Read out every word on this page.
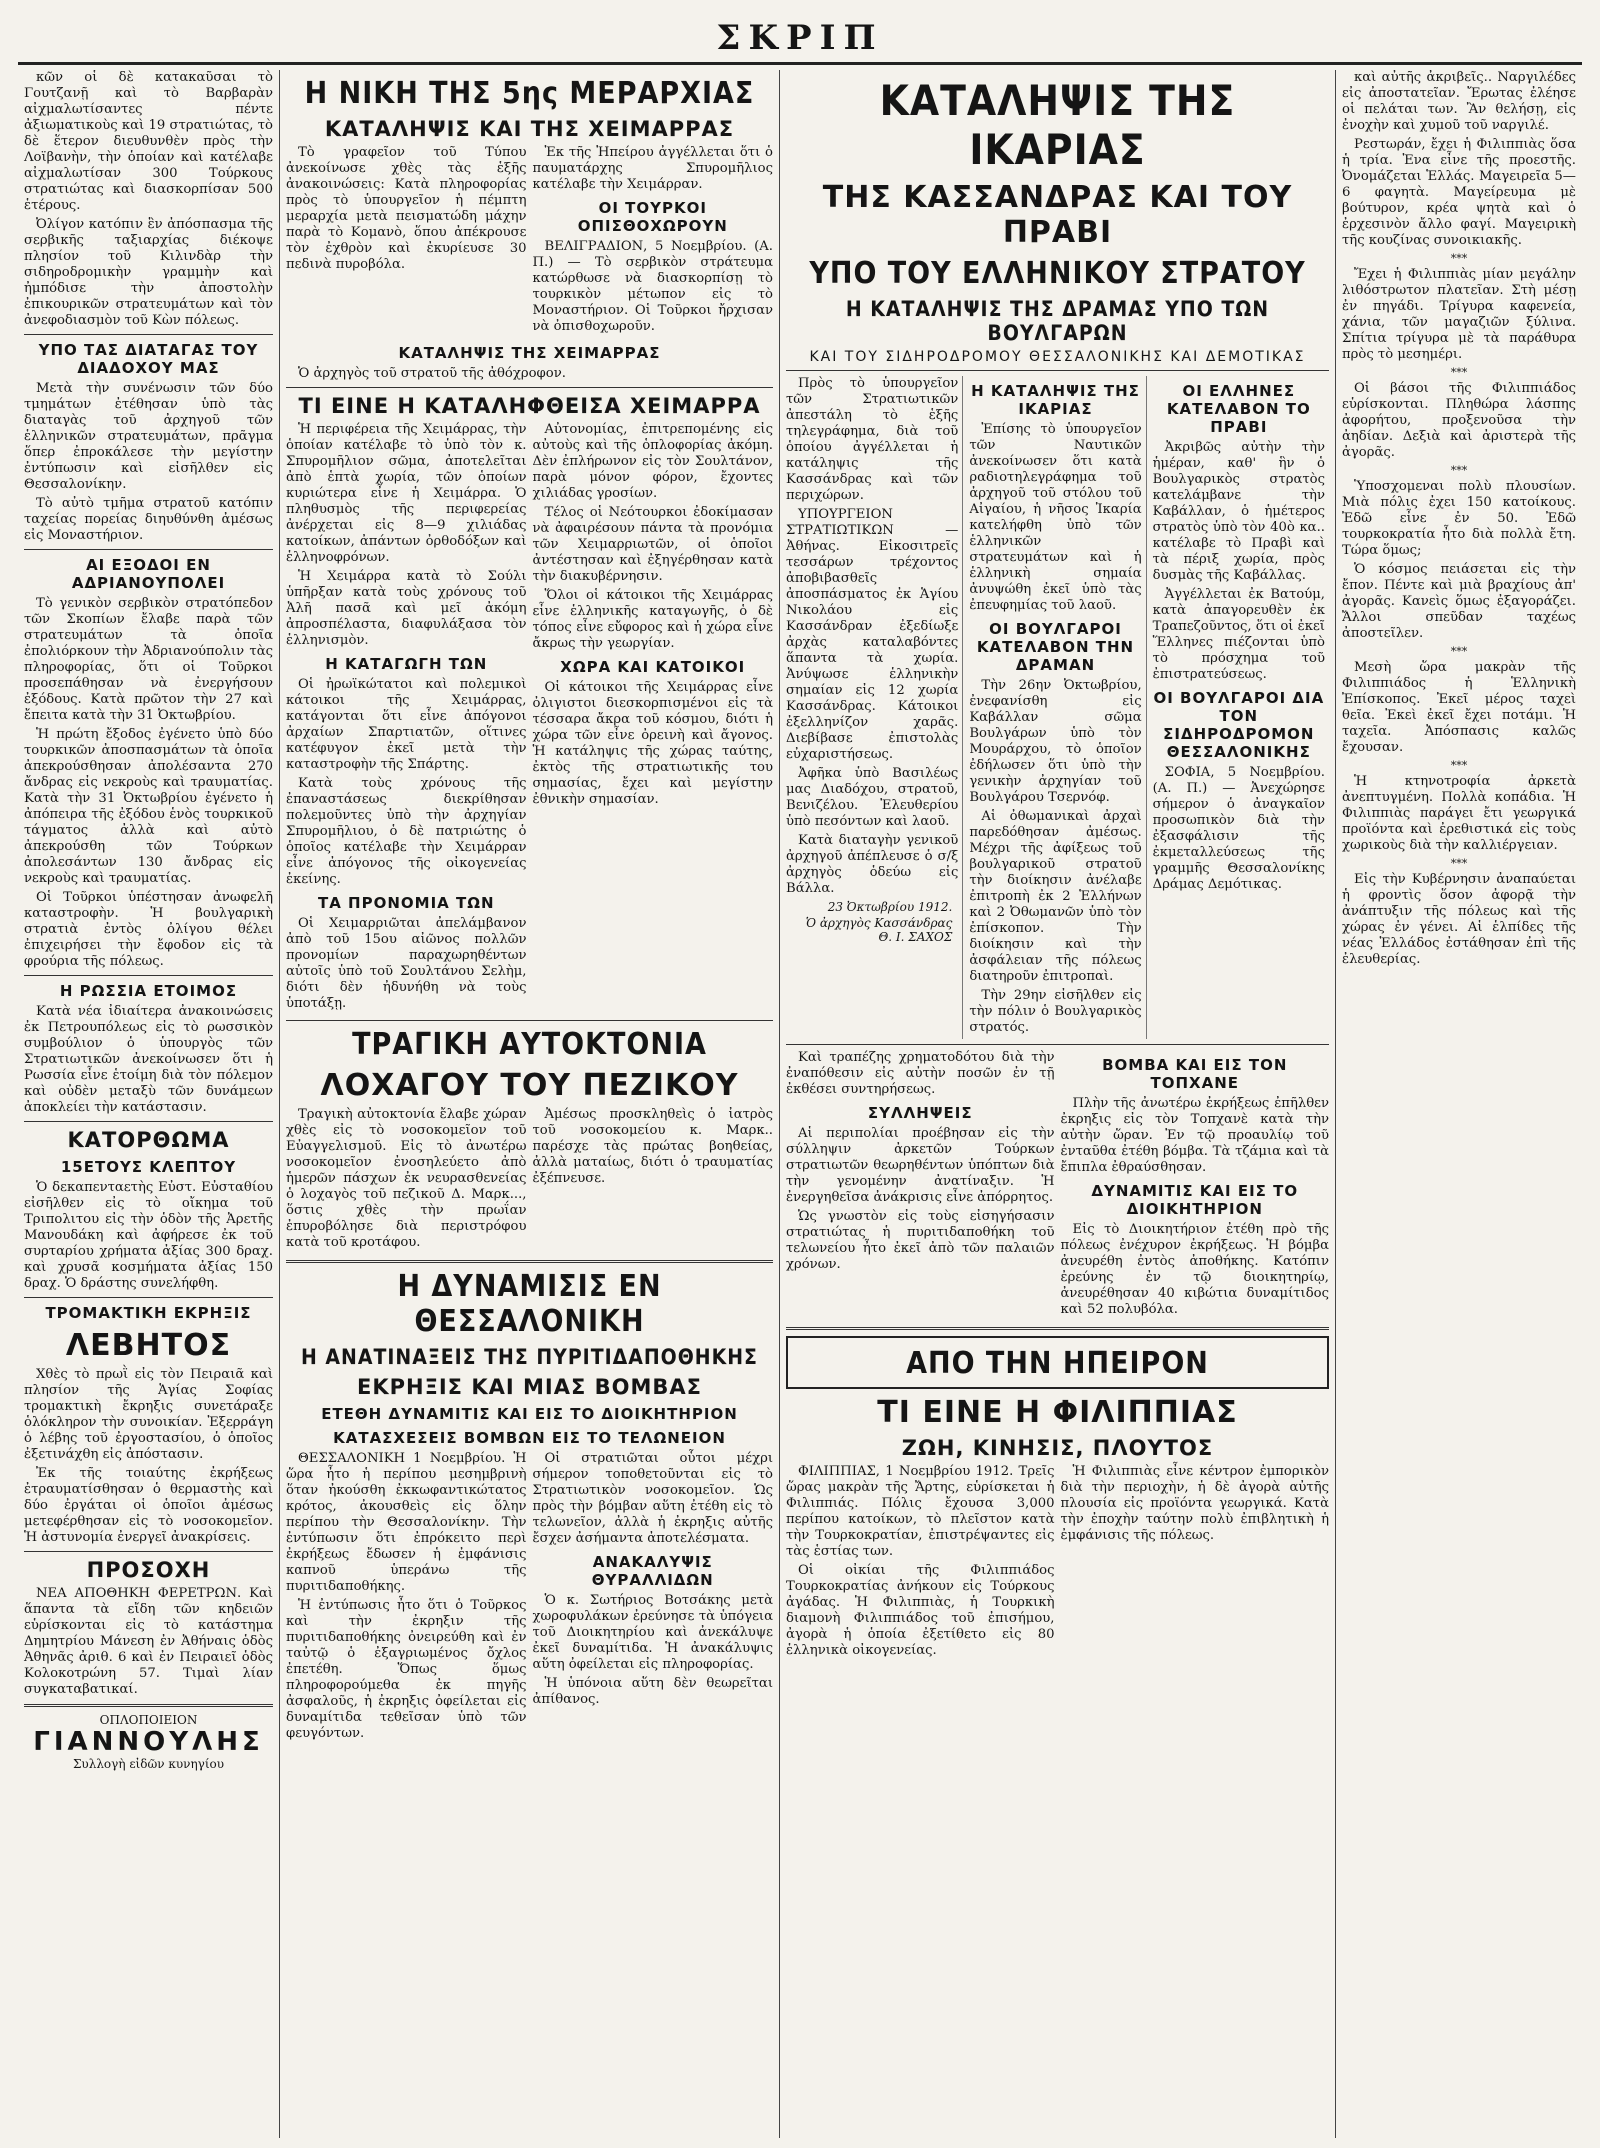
ΣΚΡΙΠ

κῶν οἱ δὲ κατακαῦσαι τὸ Γουτζανῇ καὶ τὸ Βαρβαρὰν αἰχμαλωτίσαντες πέντε ἀξιωματικοὺς καὶ 19 στρατιώτας, τὸ δὲ ἕτερον διευθυνθὲν πρὸς τὴν Λοϊβανὴν, τὴν ὁποίαν καὶ κατέλαβε αἰχμαλωτίσαν 300 Τούρκους στρατιώτας καὶ διασκορπίσαν 500 ἑτέρους.

Ὀλίγον κατόπιν ἓν ἀπόσπασμα τῆς σερβικῆς ταξιαρχίας διέκοψε πλησίον τοῦ Κιλινδὰρ τὴν σιδηροδρομικὴν γραμμὴν καὶ ἠμπόδισε τὴν ἀποστολὴν ἐπικουρικῶν στρατευμάτων καὶ τὸν ἀνεφοδιασμὸν τοῦ Κὼν πόλεως.

ΥΠΟ ΤΑΣ ΔΙΑΤΑΓΑΣ ΤΟΥ ΔΙΑΔΟΧΟΥ ΜΑΣ

Μετὰ τὴν συνένωσιν τῶν δύο τμημάτων ἐτέθησαν ὑπὸ τὰς διαταγὰς τοῦ ἀρχηγοῦ τῶν ἑλληνικῶν στρατευμάτων, πρᾶγμα ὅπερ ἐπροκάλεσε τὴν μεγίστην ἐντύπωσιν καὶ εἰσῆλθεν εἰς Θεσσαλονίκην.

Τὸ αὐτὸ τμῆμα στρατοῦ κατόπιν ταχείας πορείας διηυθύνθη ἀμέσως εἰς Μοναστήριον.

ΑΙ ΕΞΟΔΟΙ ΕΝ ΑΔΡΙΑΝΟΥΠΟΛΕΙ

Τὸ γενικὸν σερβικὸν στρατόπεδον τῶν Σκοπίων ἔλαβε παρὰ τῶν στρατευμάτων τὰ ὁποῖα ἐπολιόρκουν τὴν Ἀδριανούπολιν τὰς πληροφορίας, ὅτι οἱ Τοῦρκοι προσεπάθησαν νὰ ἐνεργήσουν ἐξόδους. Κατὰ πρῶτον τὴν 27 καὶ ἔπειτα κατὰ τὴν 31 Ὀκτωβρίου.

Ἡ πρώτη ἔξοδος ἐγένετο ὑπὸ δύο τουρκικῶν ἀποσπασμάτων τὰ ὁποῖα ἀπεκρούσθησαν ἀπολέσαντα 270 ἄνδρας εἰς νεκροὺς καὶ τραυματίας. Κατὰ τὴν 31 Ὀκτωβρίου ἐγένετο ἡ ἀπόπειρα τῆς ἐξόδου ἑνὸς τουρκικοῦ τάγματος ἀλλὰ καὶ αὐτὸ ἀπεκρούσθη τῶν Τούρκων ἀπολεσάντων 130 ἄνδρας εἰς νεκροὺς καὶ τραυματίας.

Οἱ Τοῦρκοι ὑπέστησαν ἀνωφελῆ καταστροφὴν. Ἡ βουλγαρικὴ στρατιὰ ἐντὸς ὀλίγου θέλει ἐπιχειρήσει τὴν ἔφοδον εἰς τὰ φρούρια τῆς πόλεως.

Η ΡΩΣΣΙΑ ΕΤΟΙΜΟΣ

Κατὰ νέα ἰδιαίτερα ἀνακοινώσεις ἐκ Πετρουπόλεως εἰς τὸ ρωσσικὸν συμβούλιον ὁ ὑπουργὸς τῶν Στρατιωτικῶν ἀνεκοίνωσεν ὅτι ἡ Ρωσσία εἶνε ἑτοίμη διὰ τὸν πόλεμον καὶ οὐδὲν μεταξὺ τῶν δυνάμεων ἀποκλείει τὴν κατάστασιν.

ΚΑΤΟΡΘΩΜΑ
15ΕΤΟΥΣ ΚΛΕΠΤΟΥ

Ὁ δεκαπενταετὴς Εὐστ. Εὐσταθίου εἰσῆλθεν εἰς τὸ οἴκημα τοῦ Τριπολιτου εἰς τὴν ὁδὸν τῆς Ἀρετῆς Μανουδάκη καὶ ἀφήρεσε ἐκ τοῦ συρταρίου χρήματα ἀξίας 300 δραχ. καὶ χρυσᾶ κοσμήματα ἀξίας 150 δραχ. Ὁ δράστης συνελήφθη.

ΤΡΟΜΑΚΤΙΚΗ ΕΚΡΗΞΙΣ
ΛΕΒΗΤΟΣ

Χθὲς τὸ πρωῒ εἰς τὸν Πειραιᾶ καὶ πλησίον τῆς Ἁγίας Σοφίας τρομακτικὴ ἔκρηξις συνετάραξε ὁλόκληρον τὴν συνοικίαν. Ἐξερράγη ὁ λέβης τοῦ ἐργοστασίου, ὁ ὁποῖος ἐξετινάχθη εἰς ἀπόστασιν.

Ἐκ τῆς τοιαύτης ἐκρήξεως ἐτραυματίσθησαν ὁ θερμαστὴς καὶ δύο ἐργάται οἱ ὁποῖοι ἀμέσως μετεφέρθησαν εἰς τὸ νοσοκομεῖον. Ἡ ἀστυνομία ἐνεργεῖ ἀνακρίσεις.

ΠΡΟΣΟΧΗ

ΝΕΑ ΑΠΟΘΗΚΗ ΦΕΡΕΤΡΩΝ. Καὶ ἅπαντα τὰ εἴδη τῶν κηδειῶν εὑρίσκονται εἰς τὸ κατάστημα Δημητρίου Μάνεση ἐν Ἀθήναις ὁδὸς Ἀθηνᾶς ἀριθ. 6 καὶ ἐν Πειραιεῖ ὁδὸς Κολοκοτρώνη 57. Τιμαὶ λίαν συγκαταβατικαί.

ΟΠΛΟΠΟΙΕΙΟΝ
ΓΙΑΝΝΟΥΛΗΣ
Συλλογὴ εἰδῶν κυνηγίου
Η ΝΙΚΗ ΤΗΣ 5ης ΜΕΡΑΡΧΙΑΣ
ΚΑΤΑΛΗΨΙΣ ΚΑΙ ΤΗΣ ΧΕΙΜΑΡΡΑΣ

Τὸ γραφεῖον τοῦ Τύπου ἀνεκοίνωσε χθὲς τὰς ἑξῆς ἀνακοινώσεις: Κατὰ πληροφορίας πρὸς τὸ ὑπουργεῖον ἡ πέμπτη μεραρχία μετὰ πεισματώδη μάχην παρὰ τὸ Κομανὸ, ὅπου ἀπέκρουσε τὸν ἐχθρὸν καὶ ἐκυρίευσε 30 πεδινὰ πυροβόλα.

Ἐκ τῆς Ἠπείρου ἀγγέλλεται ὅτι ὁ παυματάρχης Σπυρομῆλιος κατέλαβε τὴν Χειμάρραν.

ΟΙ ΤΟΥΡΚΟΙ ΟΠΙΣΘΟΧΩΡΟΥΝ

ΒΕΛΙΓΡΑΔΙΟΝ, 5 Νοεμβρίου. (Α. Π.) — Τὸ σερβικὸν στράτευμα κατώρθωσε νὰ διασκορπίσῃ τὸ τουρκικὸν μέτωπον εἰς τὸ Μοναστήριον. Οἱ Τοῦρκοι ἤρχισαν νὰ ὀπισθοχωροῦν.

ΚΑΤΑΛΗΨΙΣ ΤΗΣ ΧΕΙΜΑΡΡΑΣ

Ὁ ἀρχηγὸς τοῦ στρατοῦ τῆς ἀθόχροφον.

ΤΙ ΕΙΝΕ Η ΚΑΤΑΛΗΦΘΕΙΣΑ ΧΕΙΜΑΡΡΑ

Ἡ περιφέρεια τῆς Χειμάρρας, τὴν ὁποίαν κατέλαβε τὸ ὑπὸ τὸν κ. Σπυρομῆλιον σῶμα, ἀποτελεῖται ἀπὸ ἑπτὰ χωρία, τῶν ὁποίων κυριώτερα εἶνε ἡ Χειμάρρα. Ὁ πληθυσμὸς τῆς περιφερείας ἀνέρχεται εἰς 8—9 χιλιάδας κατοίκων, ἀπάντων ὀρθοδόξων καὶ ἑλληνοφρόνων.

Ἡ Χειμάρρα κατὰ τὸ Σούλι ὑπῆρξαν κατὰ τοὺς χρόνους τοῦ Ἀλῆ πασᾶ καὶ μεῖ ἀκόμη ἀπροσπέλαστα, διαφυλάξασα τὸν ἑλληνισμὸν.

Η ΚΑΤΑΓΩΓΗ ΤΩΝ

Οἱ ἠρωϊκώτατοι καὶ πολεμικοὶ κάτοικοι τῆς Χειμάρρας, κατάγονται ὅτι εἶνε ἀπόγονοι ἀρχαίων Σπαρτιατῶν, οἵτινες κατέφυγον ἐκεῖ μετὰ τὴν καταστροφὴν τῆς Σπάρτης.

Κατὰ τοὺς χρόνους τῆς ἐπαναστάσεως διεκρίθησαν πολεμοῦντες ὑπὸ τὴν ἀρχηγίαν Σπυρομῆλιου, ὁ δὲ πατριώτης ὁ ὁποῖος κατέλαβε τὴν Χειμάρραν εἶνε ἀπόγονος τῆς οἰκογενείας ἐκείνης.

ΤΑ ΠΡΟΝΟΜΙΑ ΤΩΝ

Οἱ Χειμαρριῶται ἀπελάμβανον ἀπὸ τοῦ 15ου αἰῶνος πολλῶν προνομίων παραχωρηθέντων αὐτοῖς ὑπὸ τοῦ Σουλτάνου Σελὴμ, διότι δὲν ἠδυνήθη νὰ τοὺς ὑποτάξῃ.

Αὐτονομίας, ἐπιτρεπομένης εἰς αὐτοὺς καὶ τῆς ὁπλοφορίας ἀκόμη. Δὲν ἐπλήρωνον εἰς τὸν Σουλτάνον, παρὰ μόνον φόρον, ἔχοντες χιλιάδας γροσίων.

Τέλος οἱ Νεότουρκοι ἐδοκίμασαν νὰ ἀφαιρέσουν πάντα τὰ προνόμια τῶν Χειμαρριωτῶν, οἱ ὁποῖοι ἀντέστησαν καὶ ἐξηγέρθησαν κατὰ τὴν διακυβέρνησιν.

Ὅλοι οἱ κάτοικοι τῆς Χειμάρρας εἶνε ἑλληνικῆς καταγωγῆς, ὁ δὲ τόπος εἶνε εὔφορος καὶ ἡ χώρα εἶνε ἄκρως τὴν γεωργίαν.

ΧΩΡΑ ΚΑΙ ΚΑΤΟΙΚΟΙ

Οἱ κάτοικοι τῆς Χειμάρρας εἶνε ὀλιγιστοι διεσκορπισμένοι εἰς τὰ τέσσαρα ἄκρα τοῦ κόσμου, διότι ἡ χώρα τῶν εἶνε ὀρεινὴ καὶ ἄγονος. Ἡ κατάληψις τῆς χώρας ταύτης, ἐκτὸς τῆς στρατιωτικῆς του σημασίας, ἔχει καὶ μεγίστην ἐθνικὴν σημασίαν.

ΤΡΑΓΙΚΗ ΑΥΤΟΚΤΟΝΙΑ
ΛΟΧΑΓΟΥ ΤΟΥ ΠΕΖΙΚΟΥ

Τραγικὴ αὐτοκτονία ἔλαβε χώραν χθὲς εἰς τὸ νοσοκομεῖον τοῦ Εὐαγγελισμοῦ. Εἰς τὸ ἀνωτέρω νοσοκομεῖον ἐνοσηλεύετο ἀπὸ ἡμερῶν πάσχων ἐκ νευρασθενείας ὁ λοχαγὸς τοῦ πεζικοῦ Δ. Μαρκ..., ὅστις χθὲς τὴν πρωΐαν ἐπυροβόλησε διὰ περιστρόφου κατὰ τοῦ κροτάφου.

Ἀμέσως προσκληθεὶς ὁ ἰατρὸς τοῦ νοσοκομείου κ. Μαρκ.. παρέσχε τὰς πρώτας βοηθείας, ἀλλὰ ματαίως, διότι ὁ τραυματίας ἐξέπνευσε.

Η ΔΥΝΑΜΙΣΙΣ ΕΝ ΘΕΣΣΑΛΟΝΙΚΗ
Η ΑΝΑΤΙΝΑΞΕΙΣ ΤΗΣ ΠΥΡΙΤΙΔΑΠΟΘΗΚΗΣ
ΕΚΡΗΞΙΣ ΚΑΙ ΜΙΑΣ ΒΟΜΒΑΣ
ΕΤΕΘΗ ΔΥΝΑΜΙΤΙΣ ΚΑΙ ΕΙΣ ΤΟ ΔΙΟΙΚΗΤΗΡΙΟΝ
ΚΑΤΑΣΧΕΣΕΙΣ ΒΟΜΒΩΝ ΕΙΣ ΤΟ ΤΕΛΩΝΕΙΟΝ

ΘΕΣΣΑΛΟΝΙΚΗ 1 Νοεμβρίου. Ἡ ὥρα ἦτο ἡ περίπου μεσημβρινὴ ὅταν ἠκούσθη ἐκκωφαντικώτατος κρότος, ἀκουσθεὶς εἰς ὅλην περίπου τὴν Θεσσαλονίκην. Τὴν ἐντύπωσιν ὅτι ἐπρόκειτο περὶ ἐκρήξεως ἔδωσεν ἡ ἐμφάνισις καπνοῦ ὑπεράνω τῆς πυριτιδαποθήκης.

Ἡ ἐντύπωσις ἦτο ὅτι ὁ Τοῦρκος καὶ τὴν ἐκρηξιν τῆς πυριτιδαποθήκης ὀνειρεύθη καὶ ἐν ταὐτῷ ὁ ἐξαγριωμένος ὄχλος ἐπετέθη. Ὅπως ὅμως πληροφορούμεθα ἐκ πηγῆς ἀσφαλοῦς, ἡ ἐκρηξις ὀφείλεται εἰς δυναμίτιδα τεθεῖσαν ὑπὸ τῶν φευγόντων.

Οἱ στρατιῶται οὗτοι μέχρι σήμερον τοποθετοῦνται εἰς τὸ Στρατιωτικὸν νοσοκομεῖον. Ὡς πρὸς τὴν βόμβαν αὕτη ἐτέθη εἰς τὸ τελωνεῖον, ἀλλὰ ἡ ἐκρηξις αὐτῆς ἔσχεν ἀσήμαντα ἀποτελέσματα.

ΑΝΑΚΑΛΥΨΙΣ ΘΥΡΑΛΛΙΔΩΝ

Ὁ κ. Σωτήριος Βοτσάκης μετὰ χωροφυλάκων ἐρεύνησε τὰ ὑπόγεια τοῦ Διοικητηρίου καὶ ἀνεκάλυψε ἐκεῖ δυναμίτιδα. Ἡ ἀνακάλυψις αὕτη ὀφείλεται εἰς πληροφορίας.

Ἡ ὑπόνοια αὕτη δὲν θεωρεῖται ἀπίθανος.

ΚΑΤΑΛΗΨΙΣ ΤΗΣ ΙΚΑΡΙΑΣ
ΤΗΣ ΚΑΣΣΑΝΔΡΑΣ ΚΑΙ ΤΟΥ ΠΡΑΒΙ
ΥΠΟ ΤΟΥ ΕΛΛΗΝΙΚΟΥ ΣΤΡΑΤΟΥ
Η ΚΑΤΑΛΗΨΙΣ ΤΗΣ ΔΡΑΜΑΣ ΥΠΟ ΤΩΝ ΒΟΥΛΓΑΡΩΝ
ΚΑΙ ΤΟΥ ΣΙΔΗΡΟΔΡΟΜΟΥ ΘΕΣΣΑΛΟΝΙΚΗΣ ΚΑΙ ΔΕΜΟΤΙΚΑΣ

Πρὸς τὸ ὑπουργεῖον τῶν Στρατιωτικῶν ἀπεστάλη τὸ ἑξῆς τηλεγράφημα, διὰ τοῦ ὁποίου ἀγγέλλεται ἡ κατάληψις τῆς Κασσάνδρας καὶ τῶν περιχώρων.

ΥΠΟΥΡΓΕΙΟΝ ΣΤΡΑΤΙΩΤΙΚΩΝ — Ἀθήνας. Εἰκοσιτρεῖς τεσσάρων τρέχοντος ἀποβιβασθεῖς ἀποσπάσματος ἐκ Ἁγίου Νικολάου εἰς Κασσάνδραν ἐξεδίωξε ἀρχὰς καταλαβόντες ἅπαντα τὰ χωρία. Ἀνύψωσε ἑλληνικὴν σημαίαν εἰς 12 χωρία Κασσάνδρας. Κάτοικοι ἐξελληνίζον χαρᾶς. Διεβίβασε ἐπιστολὰς εὐχαριστήσεως.

Ἀφῆκα ὑπὸ Βασιλέως μας Διαδόχου, στρατοῦ, Βενιζέλου. Ἐλευθερίου ὑπὸ πεσόντων καὶ λαοῦ.

Κατὰ διαταγὴν γενικοῦ ἀρχηγοῦ ἀπέπλευσε ὁ σ/ξ ἀρχηγὸς ὁδεύω εἰς Βάλλα.

23 Ὀκτωβρίου 1912.
Ὁ ἀρχηγὸς Κασσάνδρας Θ. Ι. ΣΑΧΟΣ
Η ΚΑΤΑΛΗΨΙΣ ΤΗΣ ΙΚΑΡΙΑΣ

Ἐπίσης τὸ ὑπουργεῖον τῶν Ναυτικῶν ἀνεκοίνωσεν ὅτι κατὰ ραδιοτηλεγράφημα τοῦ ἀρχηγοῦ τοῦ στόλου τοῦ Αἰγαίου, ἡ νῆσος Ἰκαρία κατελήφθη ὑπὸ τῶν ἑλληνικῶν στρατευμάτων καὶ ἡ ἑλληνικὴ σημαία ἀνυψώθη ἐκεῖ ὑπὸ τὰς ἐπευφημίας τοῦ λαοῦ.

ΟΙ ΒΟΥΛΓΑΡΟΙ ΚΑΤΕΛΑΒΟΝ ΤΗΝ ΔΡΑΜΑΝ

Τὴν 26ην Ὀκτωβρίου, ἐνεφανίσθη εἰς Καβάλλαν σῶμα Βουλγάρων ὑπὸ τὸν Μουράρχου, τὸ ὁποῖον ἐδήλωσεν ὅτι ὑπὸ τὴν γενικὴν ἀρχηγίαν τοῦ Βουλγάρου Τσερνόφ.

Αἱ ὀθωμανικαὶ ἀρχαὶ παρεδόθησαν ἀμέσως. Μέχρι τῆς ἀφίξεως τοῦ βουλγαρικοῦ στρατοῦ τὴν διοίκησιν ἀνέλαβε ἐπιτροπὴ ἐκ 2 Ἑλλήνων καὶ 2 Ὀθωμανῶν ὑπὸ τὸν ἐπίσκοπον. Τὴν διοίκησιν καὶ τὴν ἀσφάλειαν τῆς πόλεως διατηροῦν ἐπιτροπαὶ.

Τὴν 29ην εἰσῆλθεν εἰς τὴν πόλιν ὁ Βουλγαρικὸς στρατός.

ΟΙ ΕΛΛΗΝΕΣ ΚΑΤΕΛΑΒΟΝ ΤΟ ΠΡΑΒΙ

Ἀκριβῶς αὐτὴν τὴν ἡμέραν, καθ' ἣν ὁ Βουλγαρικὸς στρατὸς κατελάμβανε τὴν Καβάλλαν, ὁ ἡμέτερος στρατὸς ὑπὸ τὸν 40ὸ κα.. κατέλαβε τὸ Πραβὶ καὶ τὰ πέριξ χωρία, πρὸς δυσμὰς τῆς Καβάλλας.

Ἀγγέλλεται ἐκ Βατούμ, κατὰ ἀπαγορευθὲν ἐκ Τραπεζοῦντος, ὅτι οἱ ἐκεῖ Ἕλληνες πιέζονται ὑπὸ τὸ πρόσχημα τοῦ ἐπιστρατεύσεως.

ΟΙ ΒΟΥΛΓΑΡΟΙ ΔΙΑ ΤΟΝ ΣΙΔΗΡΟΔΡΟΜΟΝ ΘΕΣΣΑΛΟΝΙΚΗΣ

ΣΟΦΙΑ, 5 Νοεμβρίου. (Α. Π.) — Ἀνεχώρησε σήμερον ὁ ἀναγκαῖον προσωπικὸν διὰ τὴν ἐξασφάλισιν τῆς ἐκμεταλλεύσεως τῆς γραμμῆς Θεσσαλονίκης Δράμας Δεμότικας.

Καὶ τραπέζης χρηματοδότου διὰ τὴν ἐναπόθεσιν εἰς αὐτὴν ποσῶν ἐν τῇ ἐκθέσει συντηρήσεως.

ΣΥΛΛΗΨΕΙΣ

Αἱ περιπολίαι προέβησαν εἰς τὴν σύλληψιν ἀρκετῶν Τούρκων στρατιωτῶν θεωρηθέντων ὑπόπτων διὰ τὴν γενομένην ἀνατίναξιν. Ἡ ἐνεργηθεῖσα ἀνάκρισις εἶνε ἀπόρρητος.

Ὡς γνωστὸν εἰς τοὺς εἰσηγήσασιν στρατιώτας ἡ πυριτιδαποθήκη τοῦ τελωνείου ἦτο ἐκεῖ ἀπὸ τῶν παλαιῶν χρόνων.

ΒΟΜΒΑ ΚΑΙ ΕΙΣ ΤΟΝ ΤΟΠΧΑΝΕ

Πλὴν τῆς ἀνωτέρω ἐκρήξεως ἐπῆλθεν ἐκρηξις εἰς τὸν Τοπχανὲ κατὰ τὴν αὐτὴν ὥραν. Ἐν τῷ προαυλίῳ τοῦ ἐνταῦθα ἐτέθη βόμβα. Τὰ τζάμια καὶ τὰ ἔπιπλα ἐθραύσθησαν.

ΔΥΝΑΜΙΤΙΣ ΚΑΙ ΕΙΣ ΤΟ ΔΙΟΙΚΗΤΗΡΙΟΝ

Εἰς τὸ Διοικητήριον ἐτέθη πρὸ τῆς πόλεως ἐνέχυρον ἐκρήξεως. Ἡ βόμβα ἀνευρέθη ἐντὸς ἀποθήκης. Κατόπιν ἐρεύνης ἐν τῷ διοικητηρίῳ, ἀνευρέθησαν 40 κιβώτια δυναμίτιδος καὶ 52 πολυβόλα.

ΑΠΟ ΤΗΝ ΗΠΕΙΡΟΝ
ΤΙ ΕΙΝΕ Η ΦΙΛΙΠΠΙΑΣ
ΖΩΗ, ΚΙΝΗΣΙΣ, ΠΛΟΥΤΟΣ

ΦΙΛΙΠΠΙΑΣ, 1 Νοεμβρίου 1912. Τρεῖς ὥρας μακρὰν τῆς Ἄρτης, εὑρίσκεται ἡ Φιλιππιάς. Πόλις ἔχουσα 3,000 περίπου κατοίκων, τὸ πλεῖστον κατὰ τὴν Τουρκοκρατίαν, ἐπιστρέψαντες εἰς τὰς ἑστίας των.

Οἱ οἰκίαι τῆς Φιλιππιάδος Τουρκοκρατίας ἀνήκουν εἰς Τούρκους ἀγάδας. Ἡ Φιλιππιὰς, ἡ Τουρκικὴ διαμονὴ Φιλιππιάδος τοῦ ἐπισήμου, ἀγορὰ ἡ ὁποία ἐξετίθετο εἰς 80 ἑλληνικὰ οἰκογενείας.

Ἡ Φιλιππιὰς εἶνε κέντρον ἐμπορικὸν διὰ τὴν περιοχὴν, ἡ δὲ ἀγορὰ αὐτῆς πλουσία εἰς προϊόντα γεωργικά. Κατὰ τὴν ἐποχὴν ταύτην πολὺ ἐπιβλητικὴ ἡ ἐμφάνισις τῆς πόλεως.

καὶ αὐτῆς ἀκριβεῖς.. Ναργιλέδες εἰς ἀποστατεῖαν. Ἔρωτας ἐλέησε οἱ πελάται των. Ἂν θελήσῃ, εἰς ἐνοχὴν καὶ χυμοῦ τοῦ ναργιλέ.

Ρεστωράν, ἔχει ἡ Φιλιππιὰς ὅσα ἡ τρία. Ἐνα εἶνε τῆς προεστῆς. Ὀνομάζεται Ἑλλάς. Μαγειρεῖα 5—6 φαγητὰ. Μαγείρευμα μὲ βούτυρον, κρέα ψητὰ καὶ ὁ ἐρχεσινὸν ἄλλο φαγί. Μαγειρικὴ τῆς κουζίνας συνοικιακῆς.

***

Ἔχει ἡ Φιλιππιὰς μίαν μεγάλην λιθόστρωτον πλατεῖαν. Στὴ μέσῃ ἐν πηγάδι. Τρίγυρα καφενεία, χάνια, τῶν μαγαζιῶν ξύλινα. Σπίτια τρίγυρα μὲ τὰ παράθυρα πρὸς τὸ μεσημέρι.

***

Οἱ βάσοι τῆς Φιλιππιάδος εὑρίσκονται. Πληθώρα λάσπης ἀφορήτου, προξενοῦσα τὴν ἀηδίαν. Δεξιὰ καὶ ἀριστερὰ τῆς ἀγορᾶς.

***

Ὑποσχομεναι πολὺ πλουσίων. Μιὰ πόλις ἐχει 150 κατοίκους. Ἐδῶ εἶνε ἐν 50. Ἐδῶ τουρκοκρατία ἦτο διὰ πολλὰ ἔτη. Τώρα ὅμως;

Ὁ κόσμος πειάσεται εἰς τὴν ἔπον. Πέντε καὶ μιὰ βραχίους ἀπ' ἀγορᾶς. Κανεὶς ὅμως ἐξαγοράζει. Ἄλλοι σπεῦδαν ταχέως ἀποστεῖλεν.

***

Μεσὴ ὥρα μακρὰν τῆς Φιλιππιάδος ἡ Ἑλληνικὴ Ἐπίσκοπος. Ἐκεῖ μέρος ταχεὶ θεῖα. Ἐκεὶ ἐκεῖ ἔχει ποτάμι. Ἡ ταχεῖα. Ἀπόσπασις καλῶς ἔχουσαν.

***

Ἡ κτηνοτροφία ἀρκετὰ ἀνεπτυγμένη. Πολλὰ κοπάδια. Ἡ Φιλιππιὰς παράγει ἔτι γεωργικά προϊόντα καὶ ἐρεθιστικά εἰς τοὺς χωρικοὺς διὰ τὴν καλλιέργειαν.

***

Εἰς τὴν Κυβέρνησιν ἀναπαύεται ἡ φροντὶς ὅσον ἀφορᾷ τὴν ἀνάπτυξιν τῆς πόλεως καὶ τῆς χώρας ἐν γένει. Αἱ ἑλπίδες τῆς νέας Ἑλλάδος ἐστάθησαν ἐπὶ τῆς ἐλευθερίας.
